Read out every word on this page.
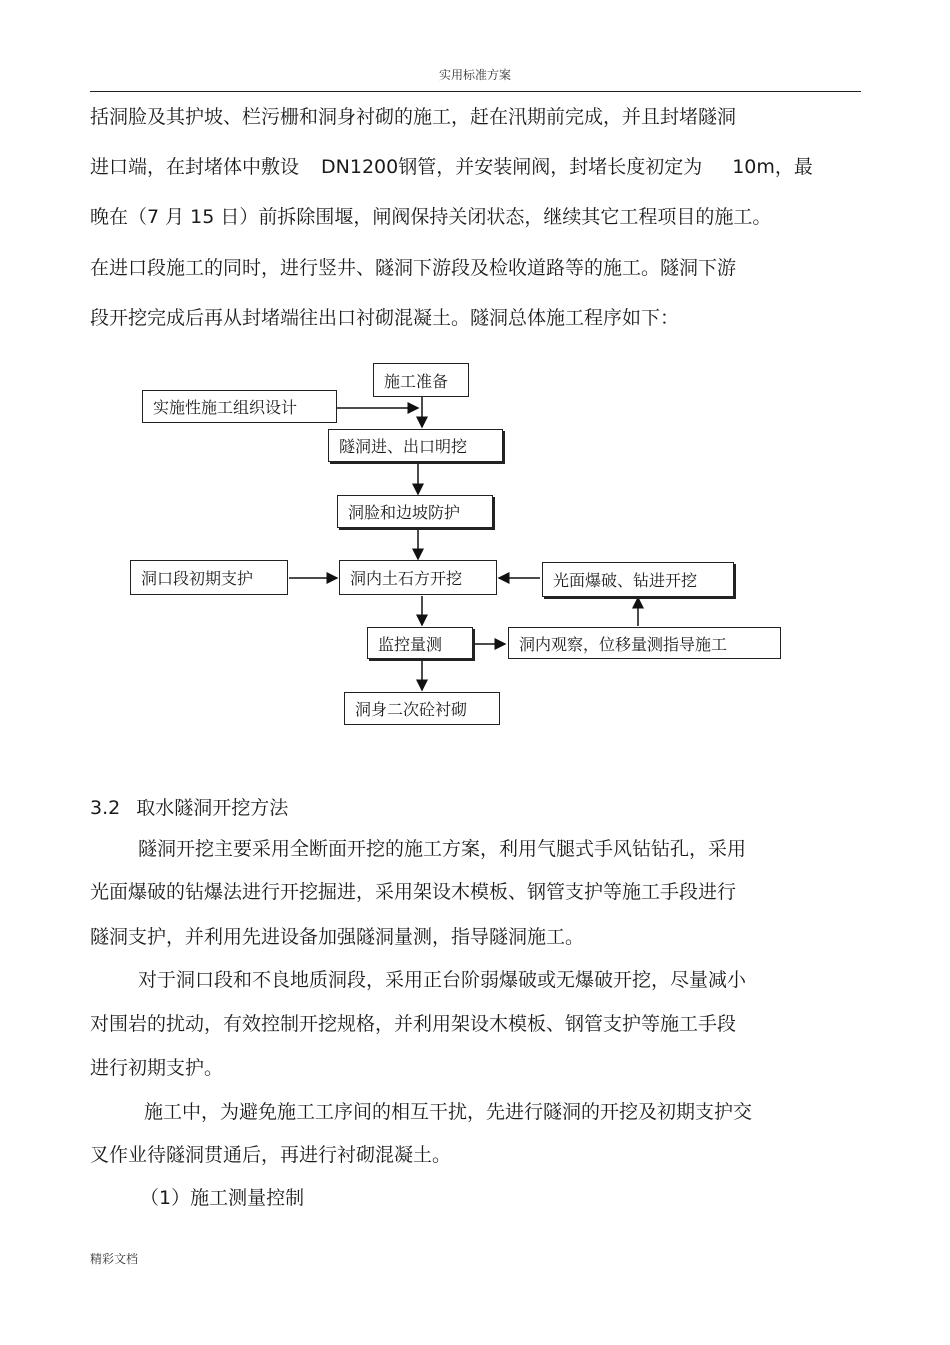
实用标准方案
括洞脸及其护坡、栏污栅和洞身衬砌的施工，赶在汛期前完成，并且封堵隧洞
进口端，在封堵体中敷设 DN1200钢管，并安装闸阀，封堵长度初定为 10m，最
晚在（7 月 15 日）前拆除围堰，闸阀保持关闭状态，继续其它工程项目的施工。
在进口段施工的同时，进行竖井、隧洞下游段及检收道路等的施工。隧洞下游
段开挖完成后再从封堵端往出口衬砌混凝土。隧洞总体施工程序如下：
施工准备
实施性施工组织设计
隧洞进、出口明挖
洞脸和边坡防护
洞口段初期支护	洞内土石方开挖	光面爆破、钻进开挖
监控量测	洞内观察，位移量测指导施工
洞身二次砼衬砌
3.2 取水隧洞开挖方法
隧洞开挖主要采用全断面开挖的施工方案，利用气腿式手风钻钻孔，采用
光面爆破的钻爆法进行开挖掘进，采用架设木模板、钢管支护等施工手段进行
隧洞支护，并利用先进设备加强隧洞量测，指导隧洞施工。
对于洞口段和不良地质洞段，采用正台阶弱爆破或无爆破开挖，尽量减小
对围岩的扰动，有效控制开挖规格，并利用架设木模板、钢管支护等施工手段
进行初期支护。
施工中，为避免施工工序间的相互干扰，先进行隧洞的开挖及初期支护交
叉作业待隧洞贯通后，再进行衬砌混凝土。
（1）施工测量控制
精彩文档
